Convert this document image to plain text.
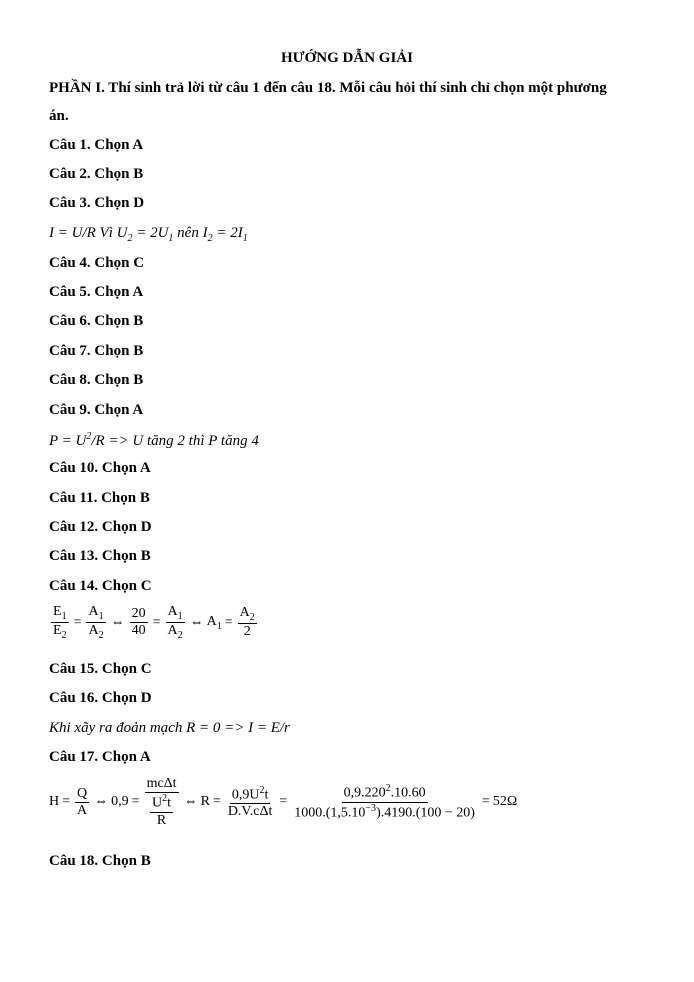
HƯỚNG DẪN GIẢI
PHẦN I. Thí sinh trả lời từ câu 1 đến câu 18. Mỗi câu hỏi thí sinh chỉ chọn một phương
án.
Câu 1. Chọn A
Câu 2. Chọn B
Câu 3. Chọn D
I = U/R Vì $U_2 = 2U_1$ nên $I_2 = 2I_1$
Câu 4. Chọn C
Câu 5. Chọn A
Câu 6. Chọn B
Câu 7. Chọn B
Câu 8. Chọn B
Câu 9. Chọn A
$P = U^2/R => U$ tăng 2 thì P tăng 4
Câu 10. Chọn A
Câu 11. Chọn B
Câu 12. Chọn D
Câu 13. Chọn B
Câu 14. Chọn C
$\frac{E_1}{E_2} = \frac{A_1}{A_2}$ ⇔ $\frac{20}{40} = \frac{A_1}{A_2}$ ⇔ $A_1 = \frac{A_2}{2}$
Câu 15. Chọn C
Câu 16. Chọn D
Khi xãy ra đoản mạch R = 0 => I = E/r
Câu 17. Chọn A
$H = \frac{Q}{A}$ ⇔ $0,9 = \frac{\text{mcΔt}}{\frac{U^2t}{R}}$ ⇔ $R = \frac{0,9U^2t}{\text{D.V.cΔt}} = \frac{0,9.220^2.10.60}{1000.(1,5.10^{-3}).4190.(100 - 20)} = 52\Omega$
Câu 18. Chọn B
